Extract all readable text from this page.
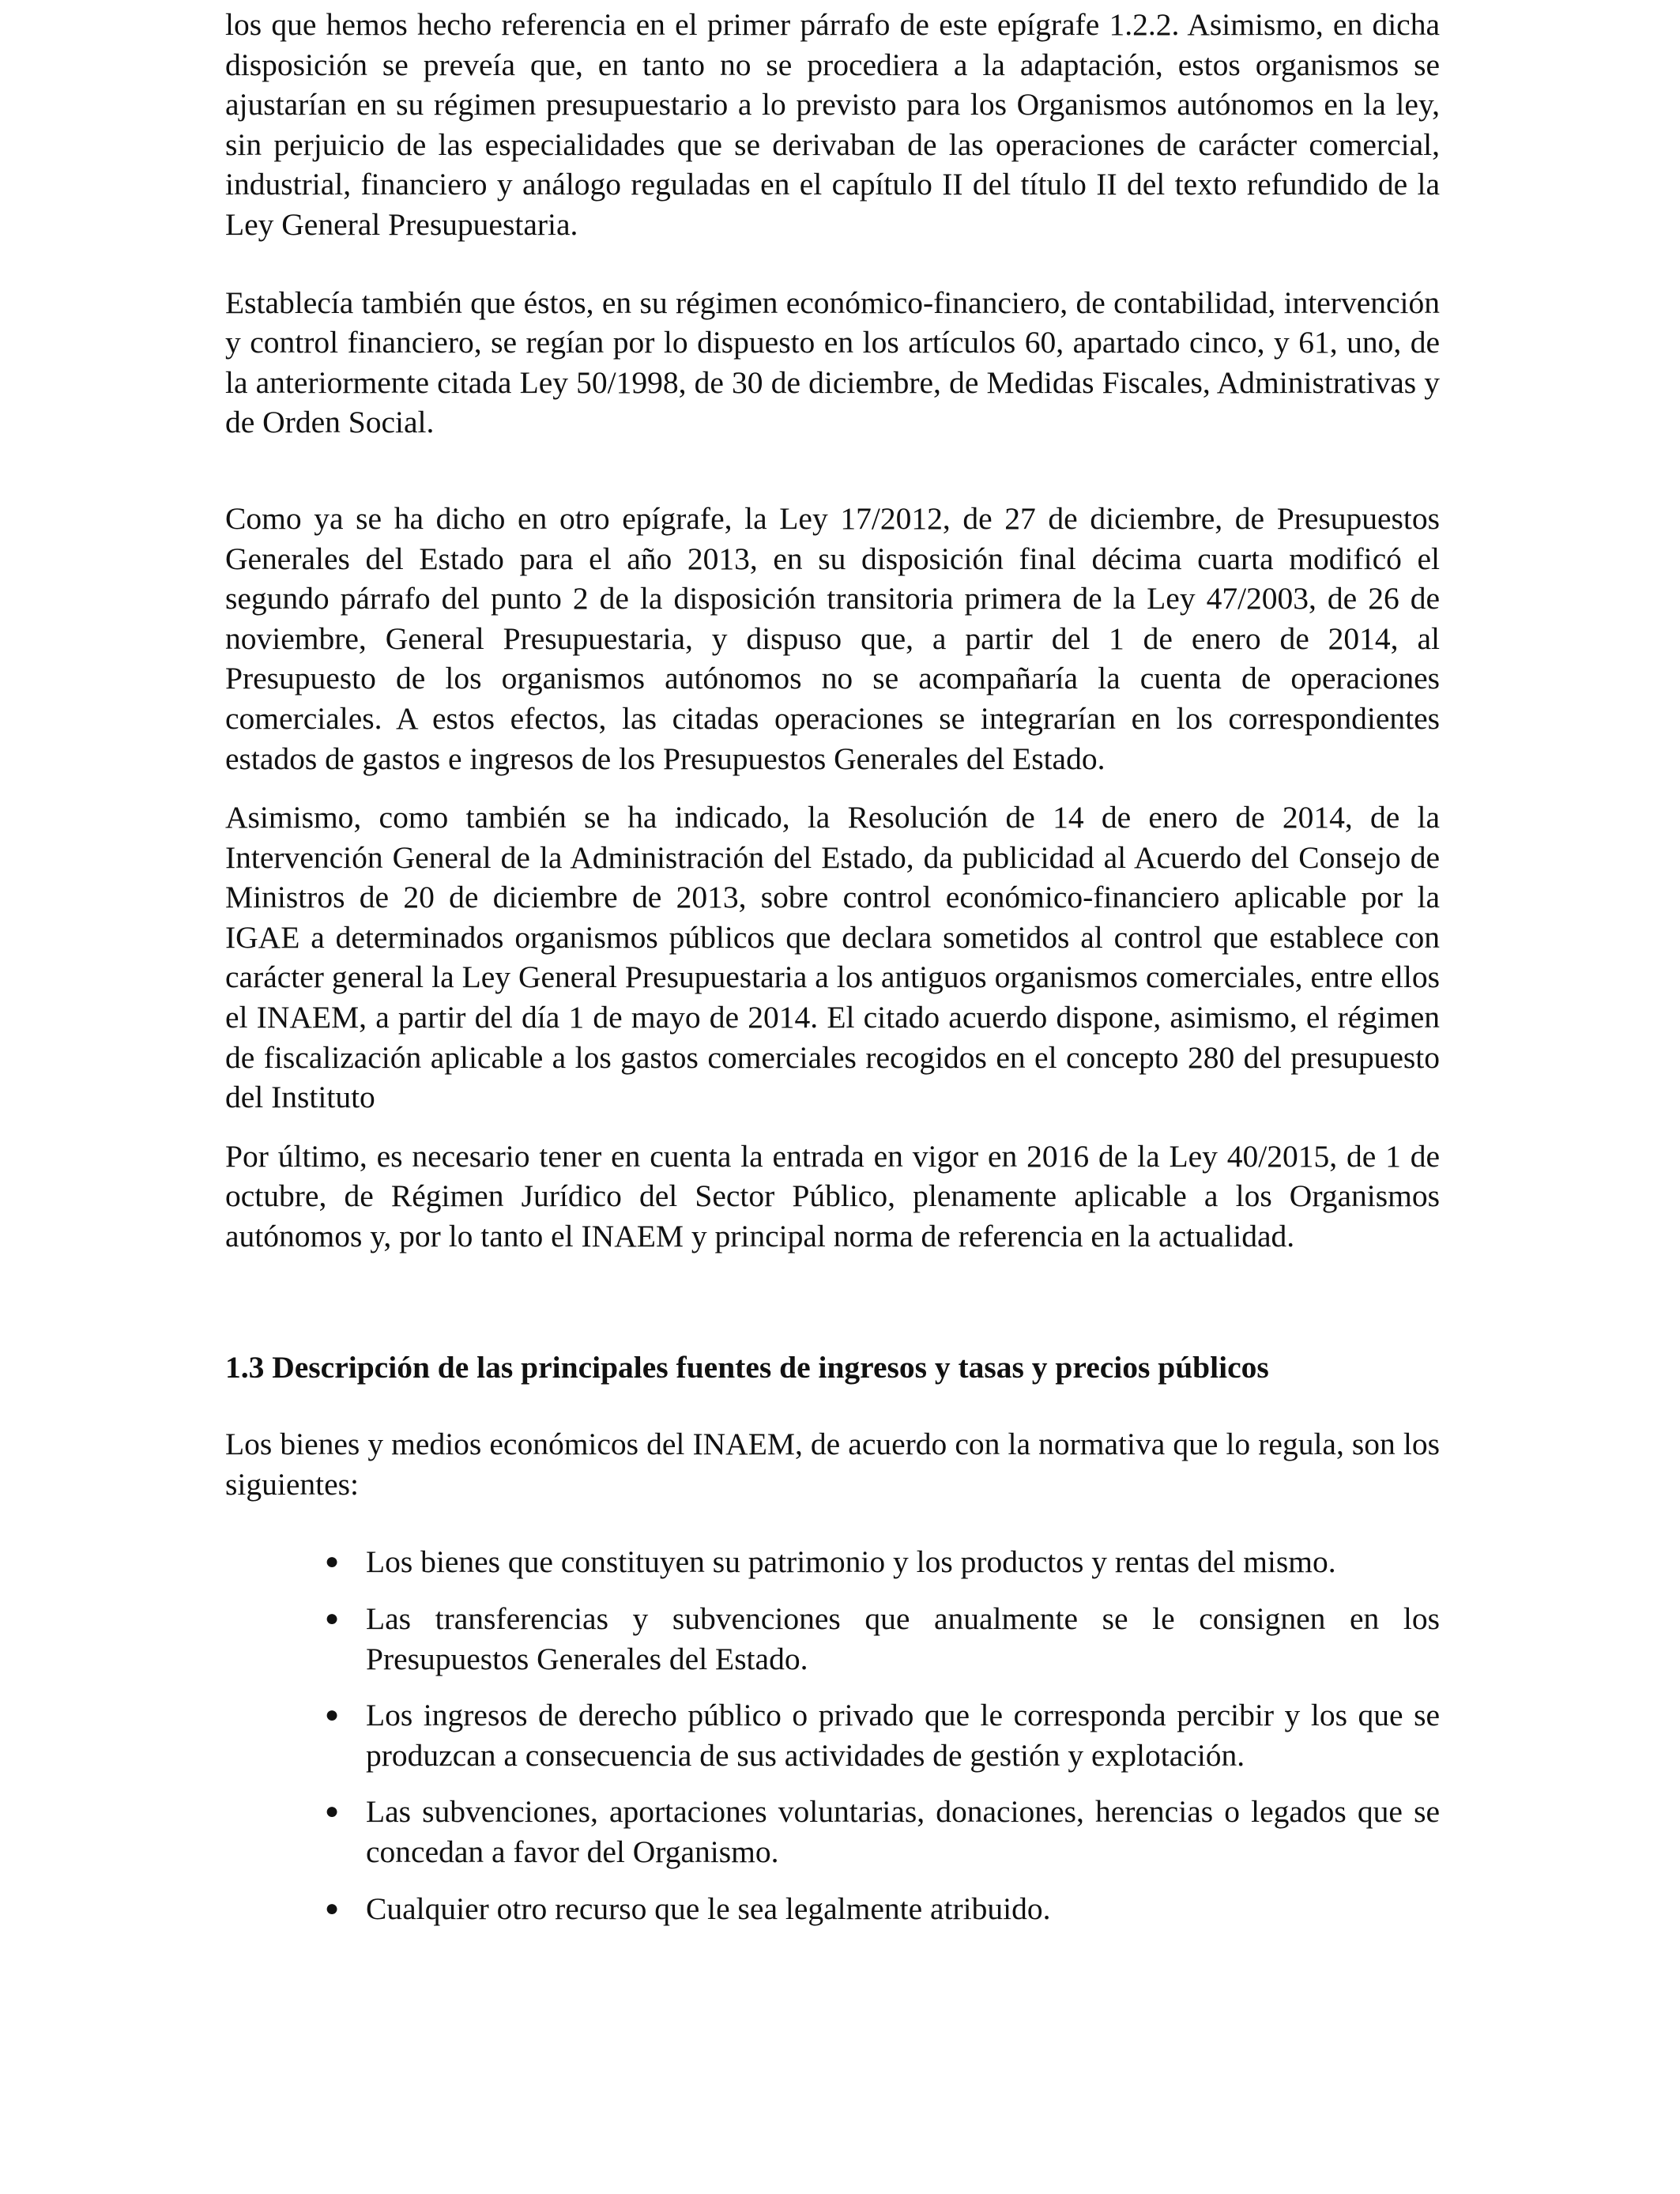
los que hemos hecho referencia en el primer párrafo de este epígrafe 1.2.2. Asimismo, en dicha disposición se preveía que, en tanto no se procediera a la adaptación, estos organismos se ajustarían en su régimen presupuestario a lo previsto para los Organismos autónomos en la ley, sin perjuicio de las especialidades que se derivaban de las operaciones de carácter comercial, industrial, financiero y análogo reguladas en el capítulo II del título II del texto refundido de la Ley General Presupuestaria.

Establecía también que éstos, en su régimen económico-financiero, de contabilidad, intervención y control financiero, se regían por lo dispuesto en los artículos 60, apartado cinco, y 61, uno, de la anteriormente citada Ley 50/1998, de 30 de diciembre, de Medidas Fiscales, Administrativas y de Orden Social.

Como ya se ha dicho en otro epígrafe, la Ley 17/2012, de 27 de diciembre, de Presupuestos Generales del Estado para el año 2013, en su disposición final décima cuarta modificó el segundo párrafo del punto 2 de la disposición transitoria primera de la Ley 47/2003, de 26 de noviembre, General Presupuestaria, y dispuso que, a partir del 1 de enero de 2014, al Presupuesto de los organismos autónomos no se acompañaría la cuenta de operaciones comerciales. A estos efectos, las citadas operaciones se integrarían en los correspondientes estados de gastos e ingresos de los Presupuestos Generales del Estado.

Asimismo, como también se ha indicado, la Resolución de 14 de enero de 2014, de la Intervención General de la Administración del Estado, da publicidad al Acuerdo del Consejo de Ministros de 20 de diciembre de 2013, sobre control económico-financiero aplicable por la IGAE a determinados organismos públicos que declara sometidos al control que establece con carácter general la Ley General Presupuestaria a los antiguos organismos comerciales, entre ellos el INAEM, a partir del día 1 de mayo de 2014. El citado acuerdo dispone, asimismo, el régimen de fiscalización aplicable a los gastos comerciales recogidos en el concepto 280 del presupuesto del Instituto

Por último, es necesario tener en cuenta la entrada en vigor en 2016 de la Ley 40/2015, de 1 de octubre, de Régimen Jurídico del Sector Público, plenamente aplicable a los Organismos autónomos y, por lo tanto el INAEM y principal norma de referencia en la actualidad.

1.3 Descripción de las principales fuentes de ingresos y tasas y precios públicos

Los bienes y medios económicos del INAEM, de acuerdo con la normativa que lo regula, son los siguientes:

● Los bienes que constituyen su patrimonio y los productos y rentas del mismo.
● Las transferencias y subvenciones que anualmente se le consignen en los Presupuestos Generales del Estado.
● Los ingresos de derecho público o privado que le corresponda percibir y los que se produzcan a consecuencia de sus actividades de gestión y explotación.
● Las subvenciones, aportaciones voluntarias, donaciones, herencias o legados que se concedan a favor del Organismo.
● Cualquier otro recurso que le sea legalmente atribuido.
